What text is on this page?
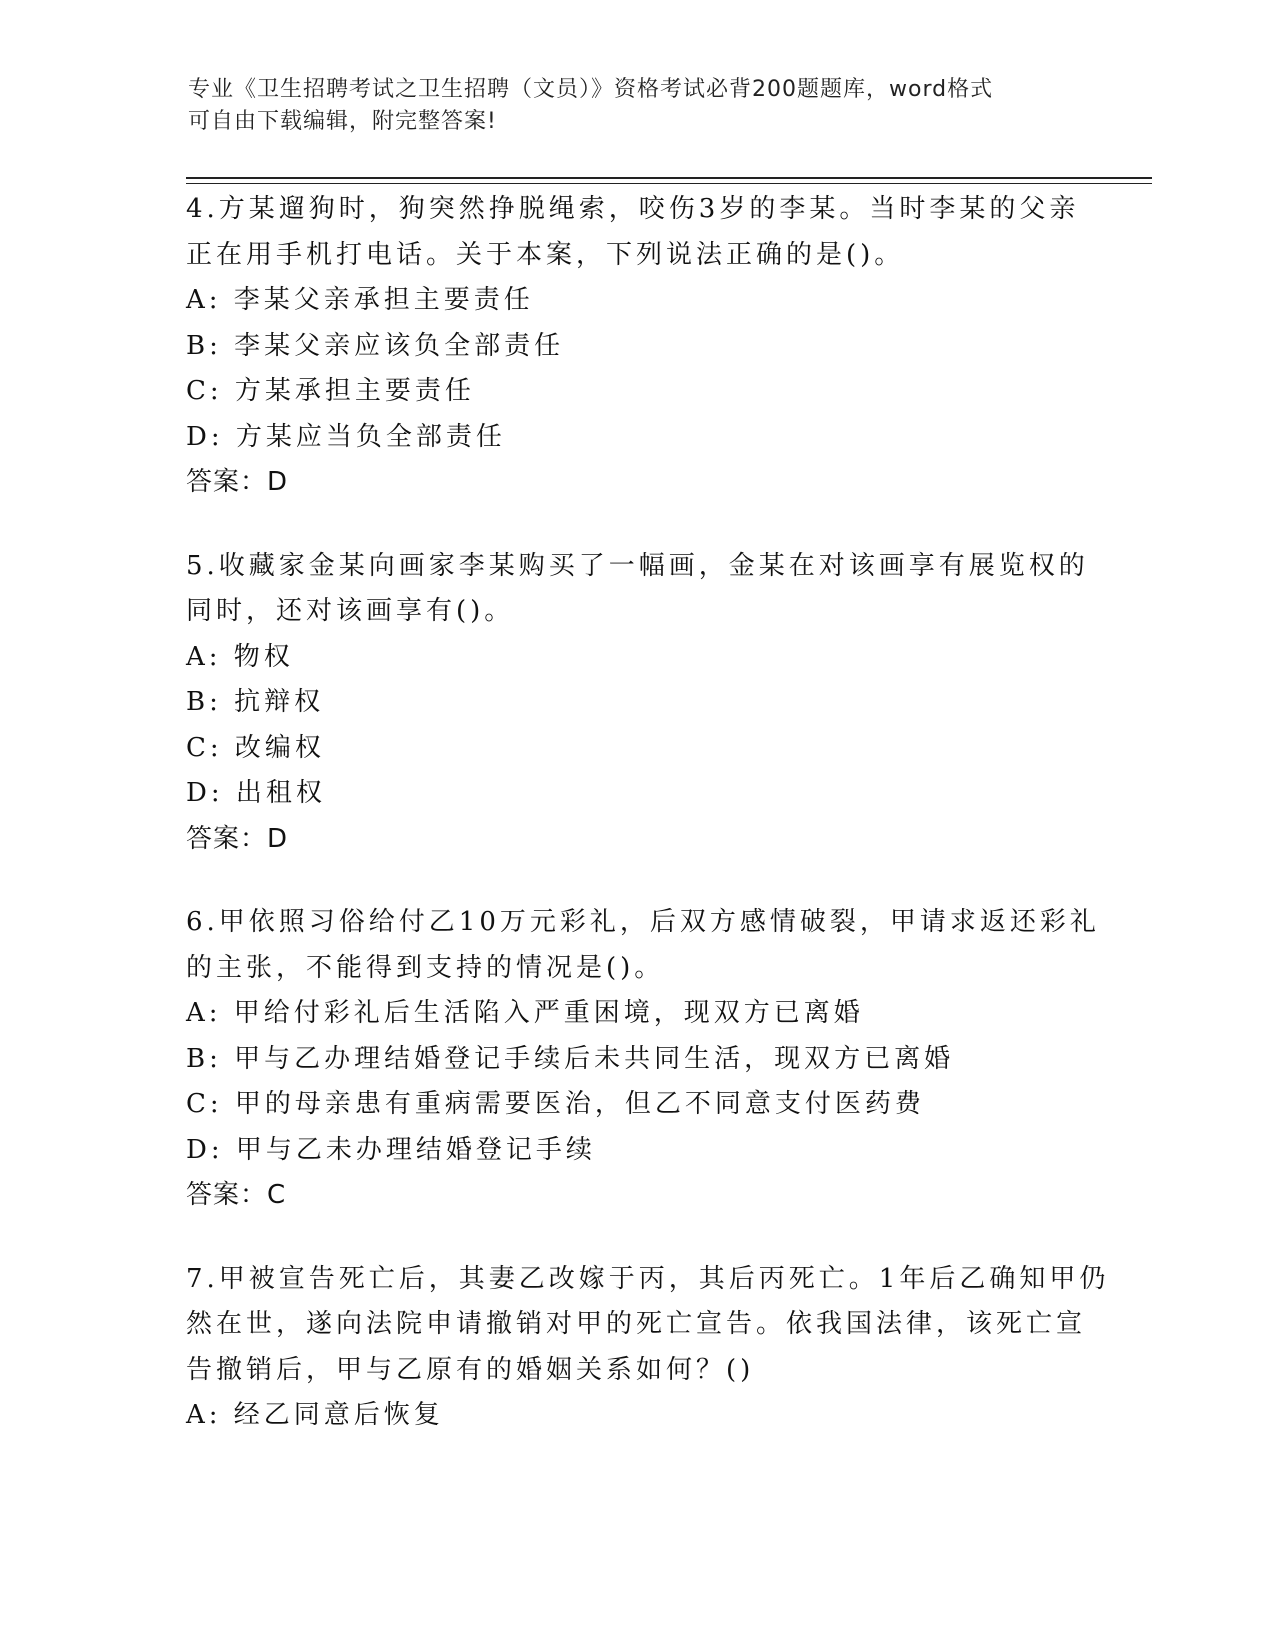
专业《卫生招聘考试之卫生招聘（文员）》资格考试必背200题题库，word格式
可自由下载编辑，附完整答案!
4.方某遛狗时，狗突然挣脱绳索，咬伤3岁的李某。当时李某的父亲
正在用手机打电话。关于本案，下列说法正确的是()。
A: 李某父亲承担主要责任
B: 李某父亲应该负全部责任
C: 方某承担主要责任
D: 方某应当负全部责任
答案：D
5.收藏家金某向画家李某购买了一幅画，金某在对该画享有展览权的
同时，还对该画享有()。
A: 物权
B: 抗辩权
C: 改编权
D: 出租权
答案：D
6.甲依照习俗给付乙10万元彩礼，后双方感情破裂，甲请求返还彩礼
的主张，不能得到支持的情况是()。
A: 甲给付彩礼后生活陷入严重困境，现双方已离婚
B: 甲与乙办理结婚登记手续后未共同生活，现双方已离婚
C: 甲的母亲患有重病需要医治，但乙不同意支付医药费
D: 甲与乙未办理结婚登记手续
答案：C
7.甲被宣告死亡后，其妻乙改嫁于丙，其后丙死亡。1年后乙确知甲仍
然在世，遂向法院申请撤销对甲的死亡宣告。依我国法律，该死亡宣
告撤销后，甲与乙原有的婚姻关系如何？()
A: 经乙同意后恢复
